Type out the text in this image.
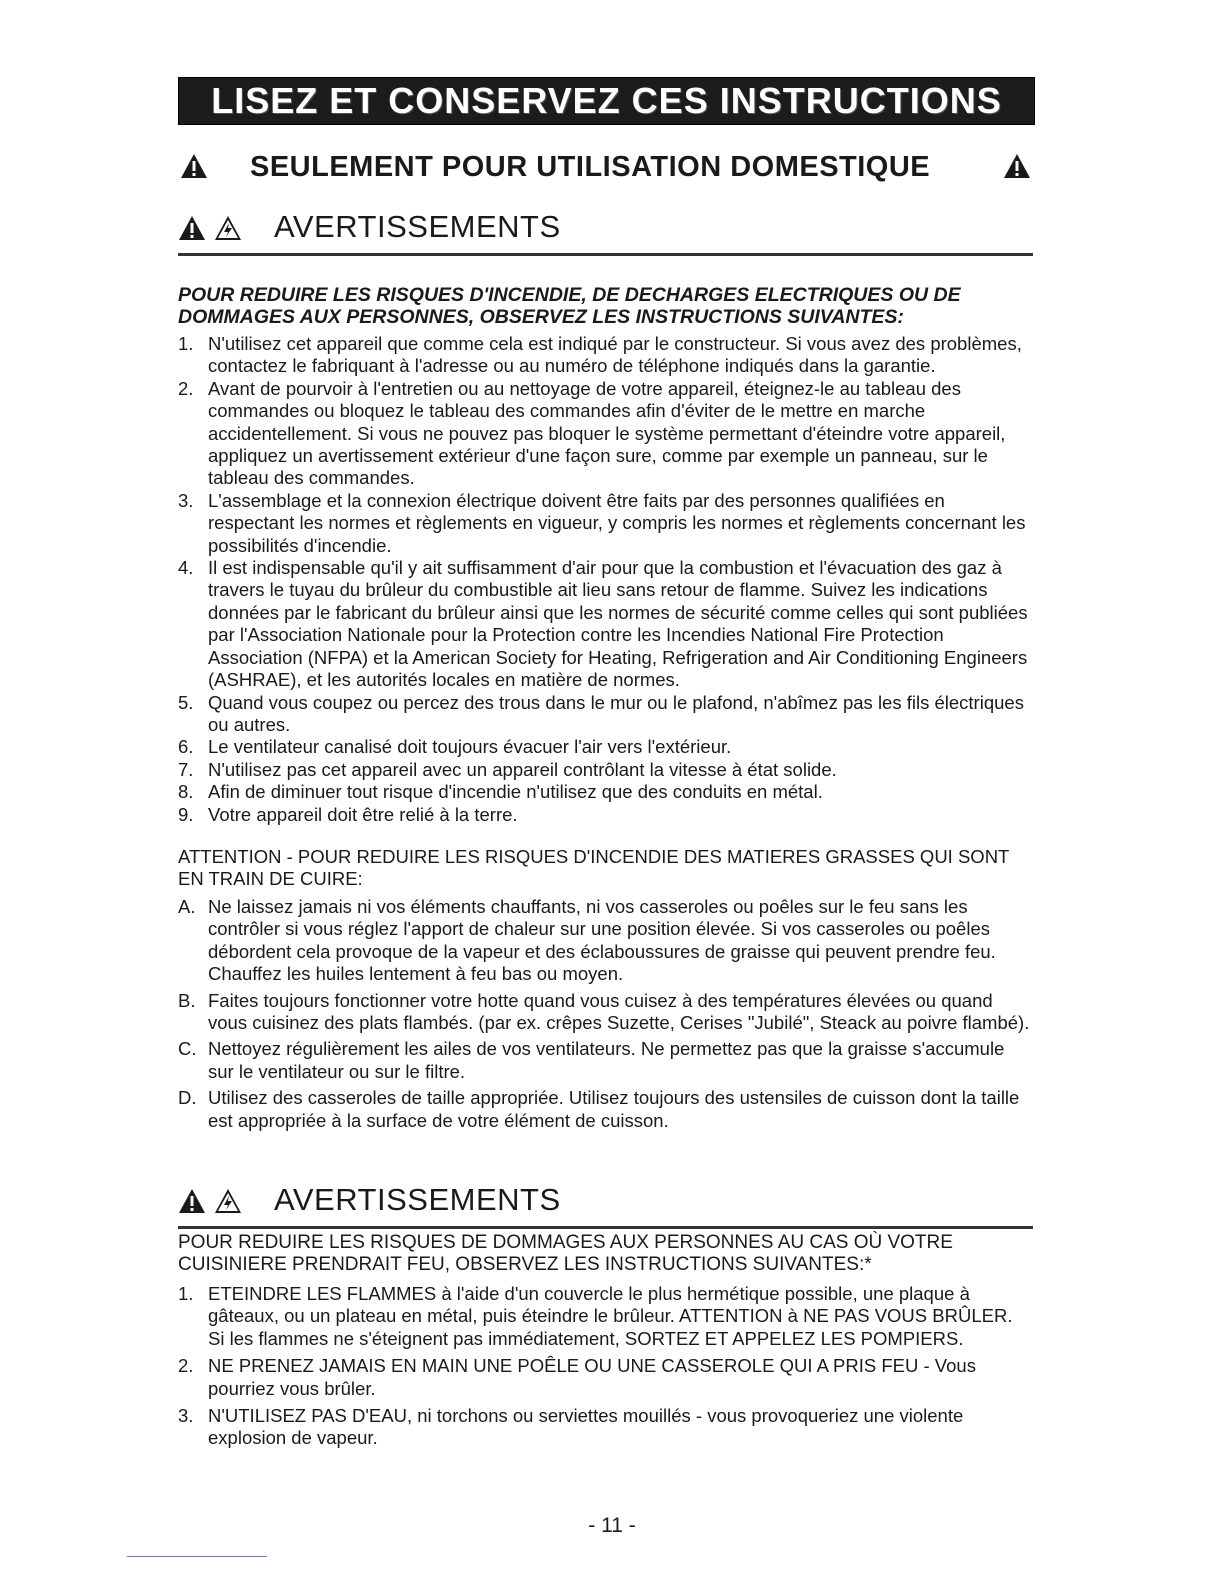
LISEZ ET CONSERVEZ CES INSTRUCTIONS
SEULEMENT POUR UTILISATION DOMESTIQUE

AVERTISSEMENTS
POUR REDUIRE LES RISQUES D'INCENDIE, DE DECHARGES ELECTRIQUES OU DE DOMMAGES AUX PERSONNES, OBSERVEZ LES INSTRUCTIONS SUIVANTES:
1. N'utilisez cet appareil que comme cela est indiqué par le constructeur. Si vous avez des problèmes, contactez le fabriquant à l'adresse ou au numéro de téléphone indiqués dans la garantie.
2. Avant de pourvoir à l'entretien ou au nettoyage de votre appareil, éteignez-le au tableau des commandes ou bloquez le tableau des commandes afin d'éviter de le mettre en marche accidentellement. Si vous ne pouvez pas bloquer le système permettant d'éteindre votre appareil, appliquez un avertissement extérieur d'une façon sure, comme par exemple un panneau, sur le tableau des commandes.
3. L'assemblage et la connexion électrique doivent être faits par des personnes qualifiées en respectant les normes et règlements en vigueur, y compris les normes et règlements concernant les possibilités d'incendie.
4. Il est indispensable qu'il y ait suffisamment d'air pour que la combustion et l'évacuation des gaz à travers le tuyau du brûleur du combustible ait lieu sans retour de flamme. Suivez les indications données par le fabricant du brûleur ainsi que les normes de sécurité comme celles qui sont publiées par l'Association Nationale pour la Protection contre les Incendies National Fire Protection Association (NFPA) et la American Society for Heating, Refrigeration and Air Conditioning Engineers (ASHRAE), et les autorités locales en matière de normes.
5. Quand vous coupez ou percez des trous dans le mur ou le plafond, n'abîmez pas les fils électriques ou autres.
6. Le ventilateur canalisé doit toujours évacuer l'air vers l'extérieur.
7. N'utilisez pas cet appareil avec un appareil contrôlant la vitesse à état solide.
8. Afin de diminuer tout risque d'incendie n'utilisez que des conduits en métal.
9. Votre appareil doit être relié à la terre.
ATTENTION - POUR REDUIRE LES RISQUES D'INCENDIE DES MATIERES GRASSES QUI SONT EN TRAIN DE CUIRE:
A. Ne laissez jamais ni vos éléments chauffants, ni vos casseroles ou poêles sur le feu sans les contrôler si vous réglez l'apport de chaleur sur une position élevée. Si vos casseroles ou poêles débordent cela provoque de la vapeur et des éclaboussures de graisse qui peuvent prendre feu. Chauffez les huiles lentement à feu bas ou moyen.
B. Faites toujours fonctionner votre hotte quand vous cuisez à des températures élevées ou quand vous cuisinez des plats flambés. (par ex. crêpes Suzette, Cerises "Jubilé", Steack au poivre flambé).
C. Nettoyez régulièrement les ailes de vos ventilateurs. Ne permettez pas que la graisse s'accumule sur le ventilateur ou sur le filtre.
D. Utilisez des casseroles de taille appropriée. Utilisez toujours des ustensiles de cuisson dont la taille est appropriée à la surface de votre élément de cuisson.

AVERTISSEMENTS
POUR REDUIRE LES RISQUES DE DOMMAGES AUX PERSONNES AU CAS OÙ VOTRE CUISINIERE PRENDRAIT FEU, OBSERVEZ LES INSTRUCTIONS SUIVANTES:*
1. ETEINDRE LES FLAMMES à l'aide d'un couvercle le plus hermétique possible, une plaque à gâteaux, ou un plateau en métal, puis éteindre le brûleur. ATTENTION à NE PAS VOUS BRÛLER. Si les flammes ne s'éteignent pas immédiatement, SORTEZ ET APPELEZ LES POMPIERS.
2. NE PRENEZ JAMAIS EN MAIN UNE POÊLE OU UNE CASSEROLE QUI A PRIS FEU - Vous pourriez vous brûler.
3. N'UTILISEZ PAS D'EAU, ni torchons ou serviettes mouillés - vous provoqueriez une violente explosion de vapeur.
- 11 -
